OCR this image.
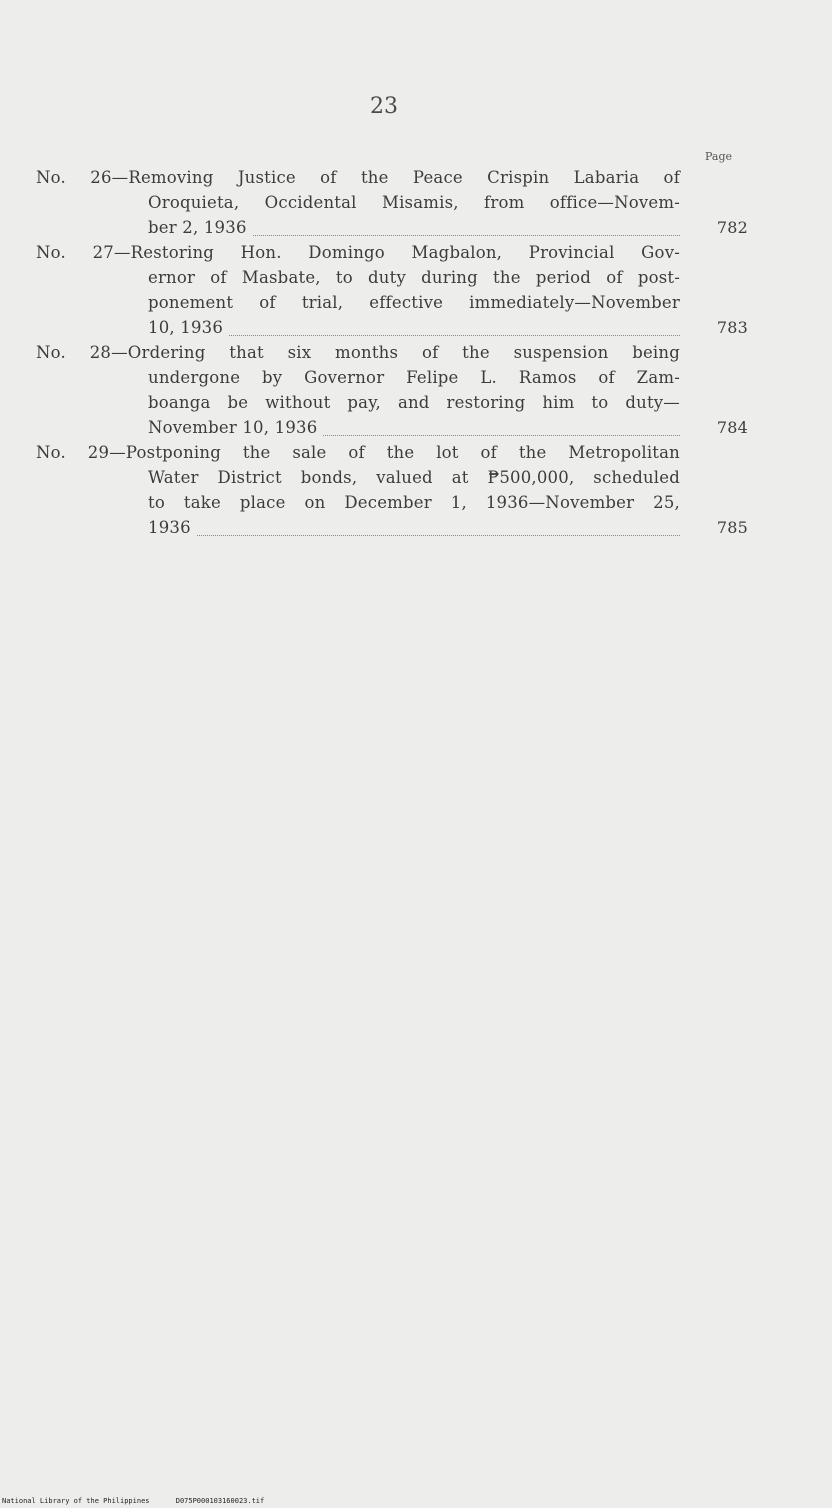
23
Page
No. 26—Removing Justice of the Peace Crispin Labaria of
Oroquieta, Occidental Misamis, from office—Novem-
ber 2, 1936	782
No. 27—Restoring Hon. Domingo Magbalon, Provincial Gov-
ernor of Masbate, to duty during the period of post-
ponement of trial, effective immediately—November
10, 1936	783
No. 28—Ordering that six months of the suspension being
undergone by Governor Felipe L. Ramos of Zam-
boanga be without pay, and restoring him to duty—
November 10, 1936	784
No. 29—Postponing the sale of the lot of the Metropolitan
Water District bonds, valued at ₱500,000, scheduled
to take place on December 1, 1936—November 25,
1936	785
National Library of the Philippines	D075P000103160023.tif
